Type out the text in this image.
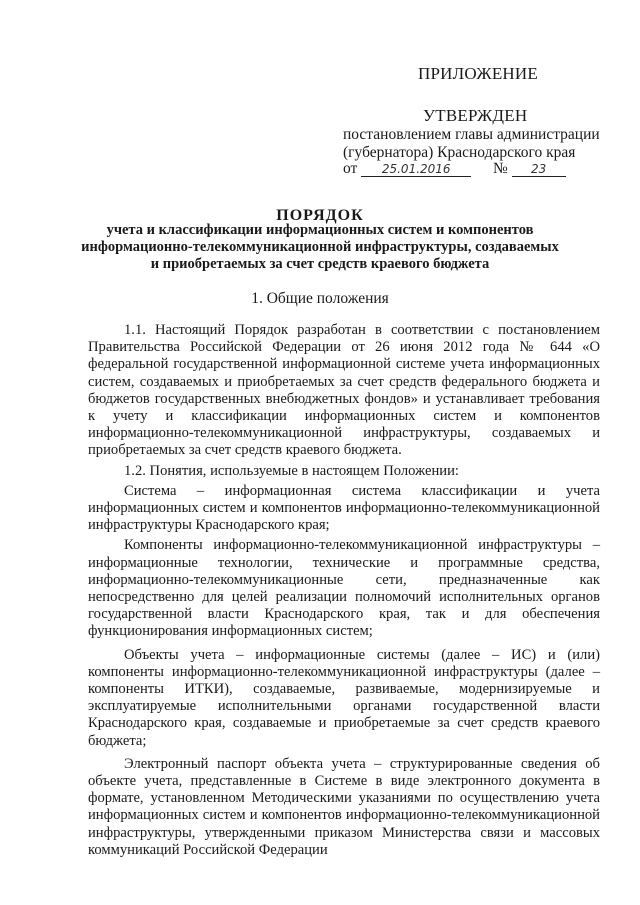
ПРИЛОЖЕНИЕ
УТВЕРЖДЕН
постановлением главы администрации
(губернатора) Краснодарского края
от 25.01.2016	№ 23
ПОРЯДОК
учета и классификации информационных систем и компонентов информационно-телекоммуникационной инфраструктуры, создаваемых и приобретаемых за счет средств краевого бюджета
1. Общие положения

1.1. Настоящий Порядок разработан в соответствии с постановлением Правительства Российской Федерации от 26 июня 2012 года № 644 «О федеральной государственной информационной системе учета информационных систем, создаваемых и приобретаемых за счет средств федерального бюджета и бюджетов государственных внебюджетных фондов» и устанавливает требования к учету и классификации информационных систем и компонентов информационно-телекоммуникационной инфраструктуры, создаваемых и приобретаемых за счет средств краевого бюджета.

1.2. Понятия, используемые в настоящем Положении:

Система – информационная система классификации и учета информационных систем и компонентов информационно-телекоммуникационной инфраструктуры Краснодарского края;

Компоненты информационно-телекоммуникационной инфраструктуры – информационные технологии, технические и программные средства, информационно-телекоммуникационные сети, предназначенные как непосредственно для целей реализации полномочий исполнительных органов государственной власти Краснодарского края, так и для обеспечения функционирования информационных систем;

Объекты учета – информационные системы (далее – ИС) и (или) компоненты информационно-телекоммуникационной инфраструктуры (далее – компоненты ИТКИ), создаваемые, развиваемые, модернизируемые и эксплуатируемые исполнительными органами государственной власти Краснодарского края, создаваемые и приобретаемые за счет средств краевого бюджета;

Электронный паспорт объекта учета – структурированные сведения об объекте учета, представленные в Системе в виде электронного документа в формате, установленном Методическими указаниями по осуществлению учета информационных систем и компонентов информационно-телекоммуникационной инфраструктуры, утвержденными приказом Министерства связи и массовых коммуникаций Российской Федерации
